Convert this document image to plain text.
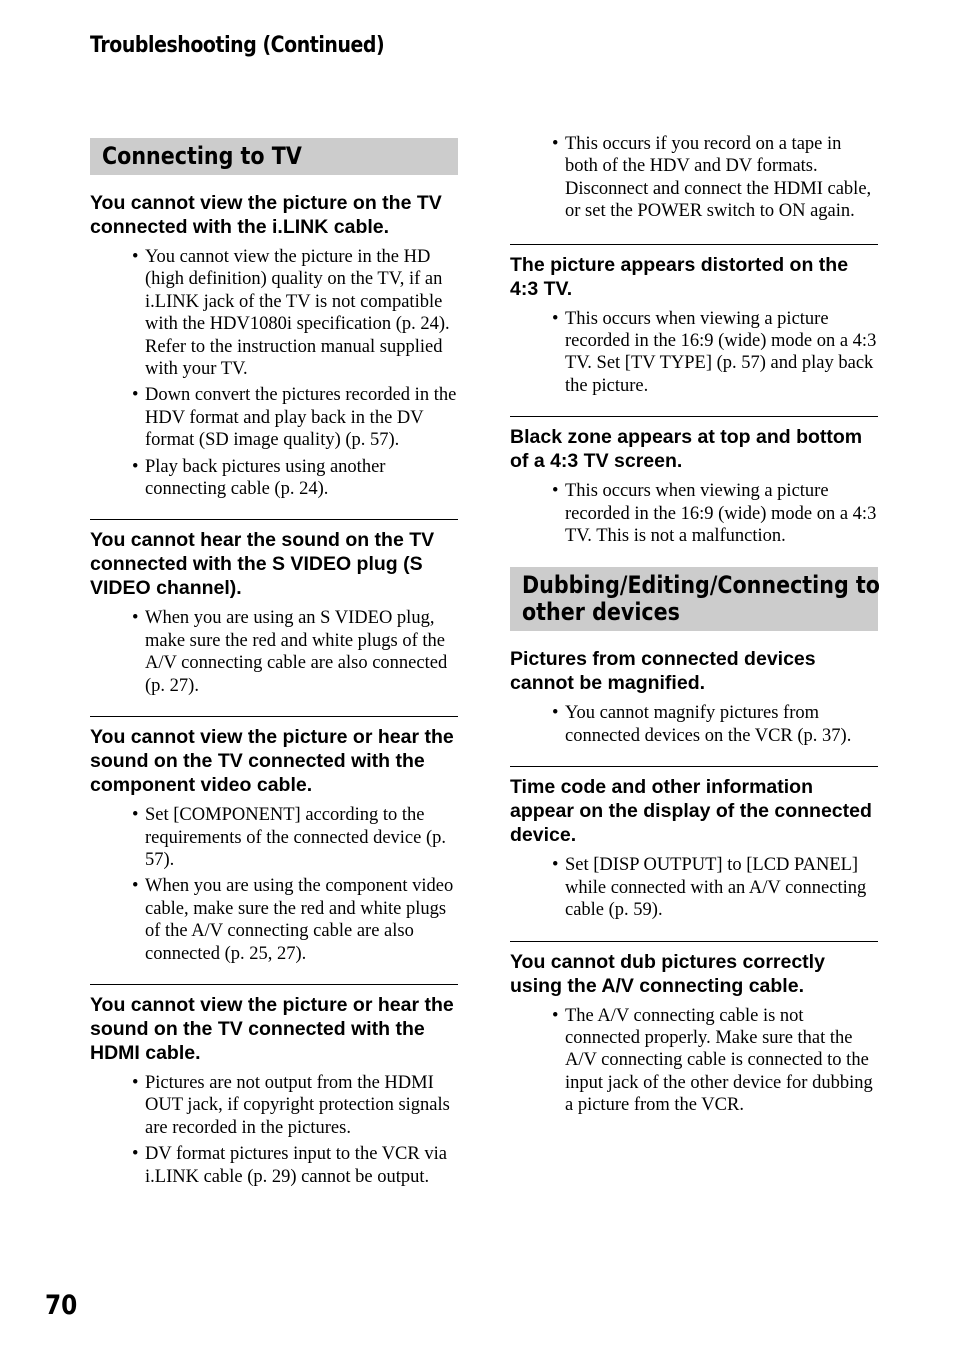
Troubleshooting (Continued)
Connecting to TV
You cannot view the picture on the TV connected with the i.LINK cable.
• You cannot view the picture in the HD (high definition) quality on the TV, if an i.LINK jack of the TV is not compatible with the HDV1080i specification (p. 24). Refer to the instruction manual supplied with your TV.
• Down convert the pictures recorded in the HDV format and play back in the DV format (SD image quality) (p. 57).
• Play back pictures using another connecting cable (p. 24).
You cannot hear the sound on the TV connected with the S VIDEO plug (S VIDEO channel).
• When you are using an S VIDEO plug, make sure the red and white plugs of the A/V connecting cable are also connected (p. 27).
You cannot view the picture or hear the sound on the TV connected with the component video cable.
• Set [COMPONENT] according to the requirements of the connected device (p. 57).
• When you are using the component video cable, make sure the red and white plugs of the A/V connecting cable are also connected (p. 25, 27).
You cannot view the picture or hear the sound on the TV connected with the HDMI cable.
• Pictures are not output from the HDMI OUT jack, if copyright protection signals are recorded in the pictures.
• DV format pictures input to the VCR via i.LINK cable (p. 29) cannot be output.
• This occurs if you record on a tape in both of the HDV and DV formats. Disconnect and connect the HDMI cable, or set the POWER switch to ON again.
The picture appears distorted on the 4:3 TV.
• This occurs when viewing a picture recorded in the 16:9 (wide) mode on a 4:3 TV. Set [TV TYPE] (p. 57) and play back the picture.
Black zone appears at top and bottom of a 4:3 TV screen.
• This occurs when viewing a picture recorded in the 16:9 (wide) mode on a 4:3 TV. This is not a malfunction.
Dubbing/Editing/Connecting to
other devices
Pictures from connected devices cannot be magnified.
• You cannot magnify pictures from connected devices on the VCR (p. 37).
Time code and other information appear on the display of the connected device.
• Set [DISP OUTPUT] to [LCD PANEL] while connected with an A/V connecting cable (p. 59).
You cannot dub pictures correctly using the A/V connecting cable.
• The A/V connecting cable is not connected properly. Make sure that the A/V connecting cable is connected to the input jack of the other device for dubbing a picture from the VCR.
70
